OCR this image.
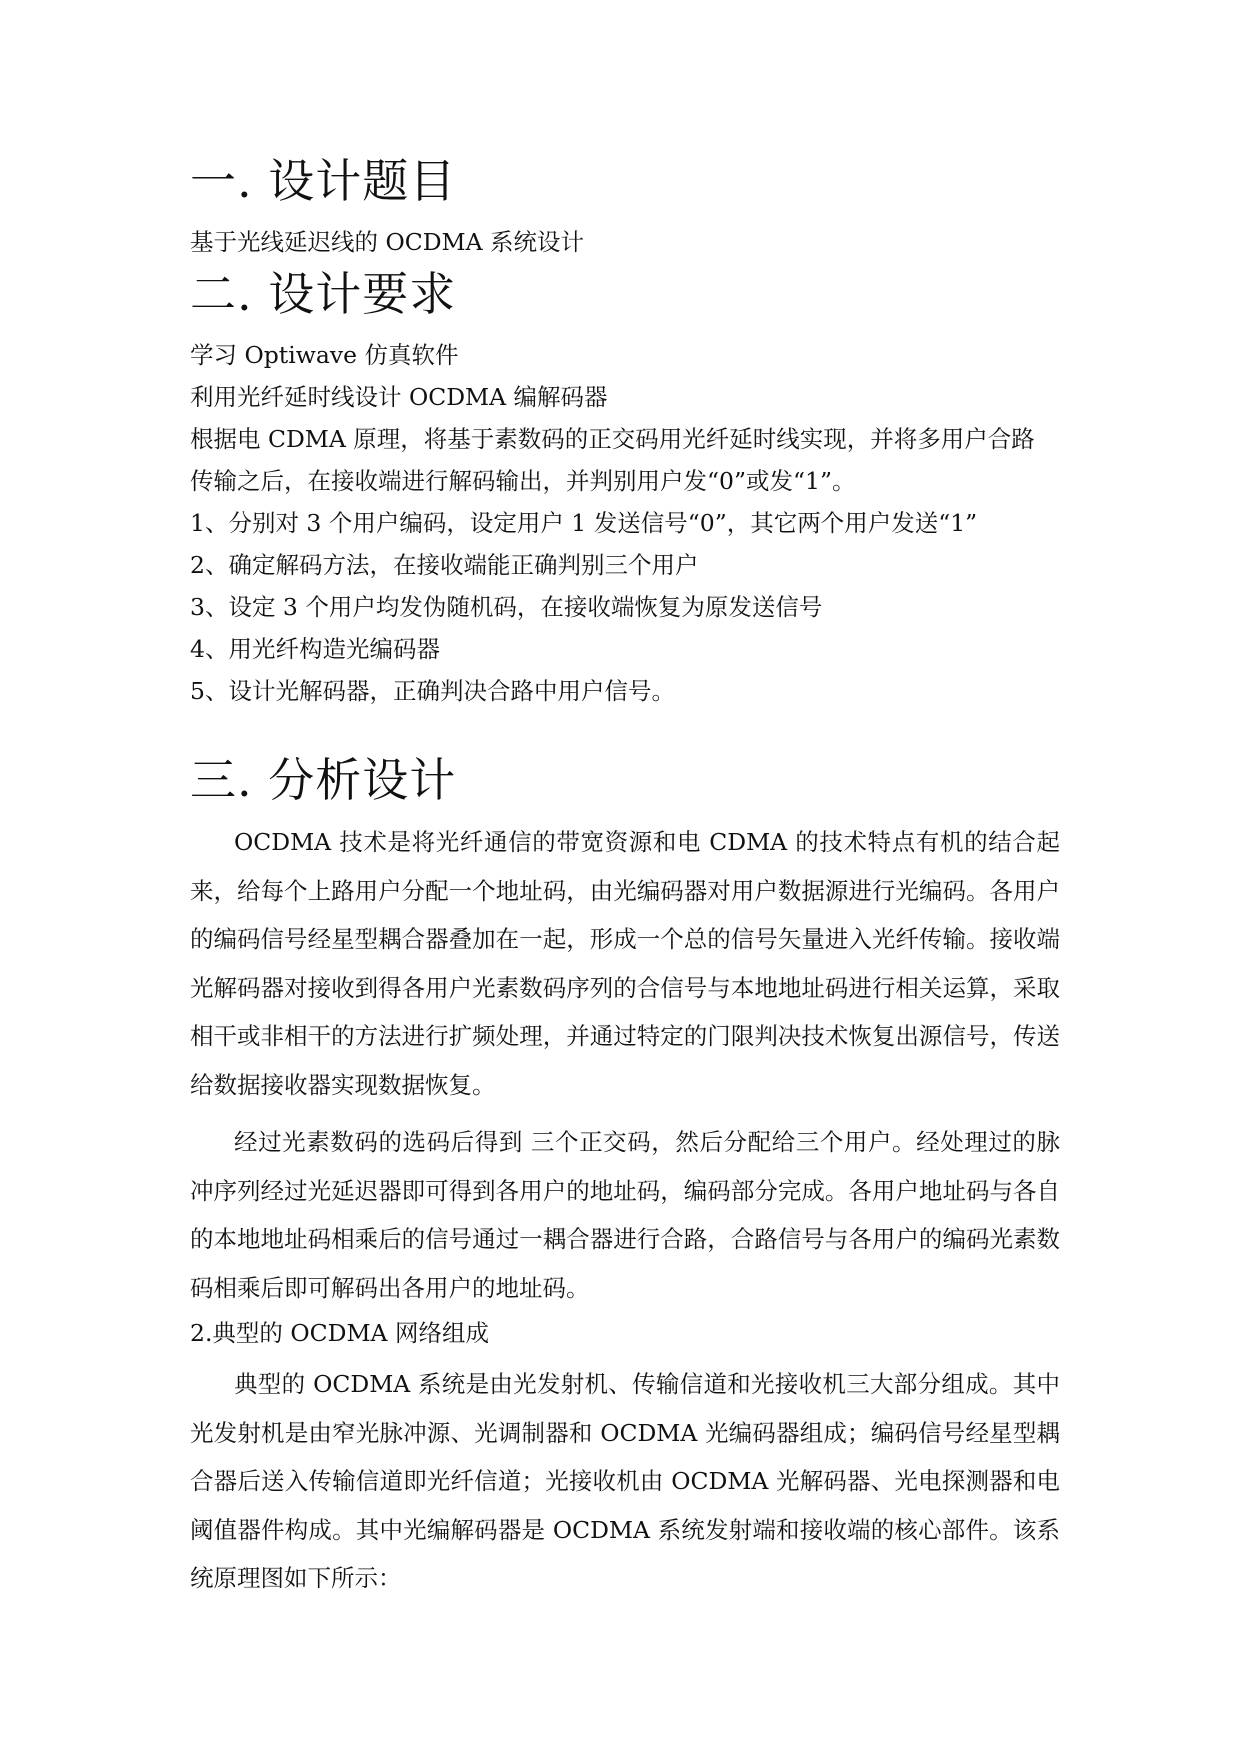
一. 设计题目
基于光线延迟线的 OCDMA 系统设计
二. 设计要求
学习 Optiwave 仿真软件
利用光纤延时线设计 OCDMA 编解码器
根据电 CDMA 原理，将基于素数码的正交码用光纤延时线实现，并将多用户合路
传输之后，在接收端进行解码输出，并判别用户发“0”或发“1”。
1、分别对 3 个用户编码，设定用户 1 发送信号“0”，其它两个用户发送“1”
2、确定解码方法，在接收端能正确判别三个用户
3、设定 3 个用户均发伪随机码，在接收端恢复为原发送信号
4、用光纤构造光编码器
5、设计光解码器，正确判决合路中用户信号。
三. 分析设计
OCDMA 技术是将光纤通信的带宽资源和电 CDMA 的技术特点有机的结合起来，给每个上路用户分配一个地址码，由光编码器对用户数据源进行光编码。各用户的编码信号经星型耦合器叠加在一起，形成一个总的信号矢量进入光纤传输。接收端光解码器对接收到得各用户光素数码序列的合信号与本地地址码进行相关运算，采取相干或非相干的方法进行扩频处理，并通过特定的门限判决技术恢复出源信号，传送给数据接收器实现数据恢复。
经过光素数码的选码后得到 三个正交码，然后分配给三个用户。经处理过的脉冲序列经过光延迟器即可得到各用户的地址码，编码部分完成。各用户地址码与各自的本地地址码相乘后的信号通过一耦合器进行合路，合路信号与各用户的编码光素数码相乘后即可解码出各用户的地址码。
2.典型的 OCDMA 网络组成
典型的 OCDMA 系统是由光发射机、传输信道和光接收机三大部分组成。其中光发射机是由窄光脉冲源、光调制器和 OCDMA 光编码器组成；编码信号经星型耦合器后送入传输信道即光纤信道；光接收机由 OCDMA 光解码器、光电探测器和电阈值器件构成。其中光编解码器是 OCDMA 系统发射端和接收端的核心部件。该系统原理图如下所示：
